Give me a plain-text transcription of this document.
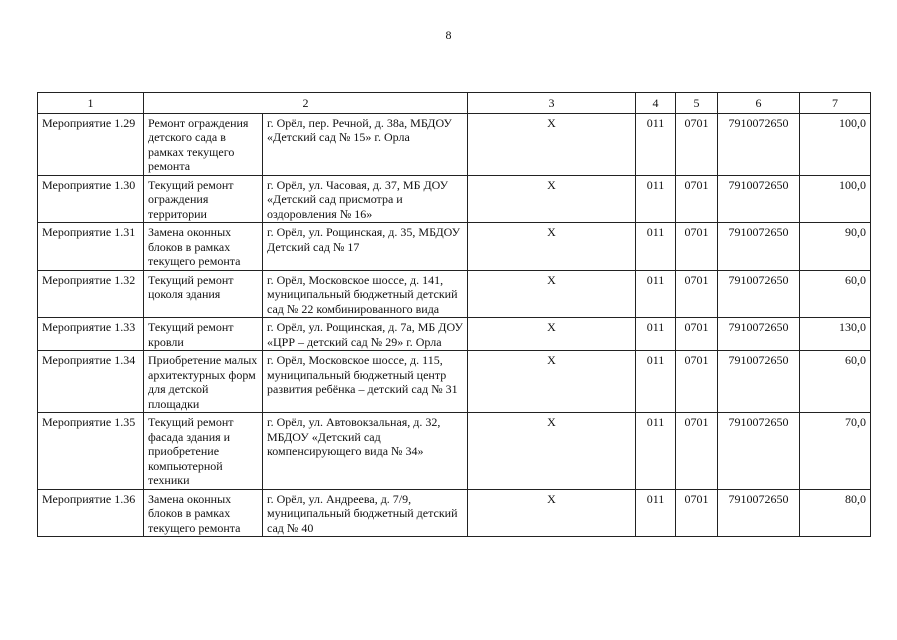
8
1	2		3	4	5	6	7
Мероприятие 1.29	Ремонт ограждения детского сада в рамках текущего ремонта	г. Орёл, пер. Речной, д. 38а, МБДОУ «Детский сад № 15» г. Орла	Х	011	0701	7910072650	100,0
Мероприятие 1.30	Текущий ремонт ограждения территории	г. Орёл, ул. Часовая, д. 37, МБ ДОУ «Детский сад присмотра и оздоровления № 16»	Х	011	0701	7910072650	100,0
Мероприятие 1.31	Замена оконных блоков в рамках текущего ремонта	г. Орёл, ул. Рощинская, д. 35, МБДОУ Детский сад № 17	Х	011	0701	7910072650	90,0
Мероприятие 1.32	Текущий ремонт цоколя здания	г. Орёл, Московское шоссе, д. 141, муниципальный бюджетный детский сад № 22 комбинированного вида	Х	011	0701	7910072650	60,0
Мероприятие 1.33	Текущий ремонт кровли	г. Орёл, ул. Рощинская, д. 7а, МБ ДОУ «ЦРР – детский сад № 29» г. Орла	Х	011	0701	7910072650	130,0
Мероприятие 1.34	Приобретение малых архитектурных форм для детской площадки	г. Орёл, Московское шоссе, д. 115, муниципальный бюджетный центр развития ребёнка – детский сад № 31	Х	011	0701	7910072650	60,0
Мероприятие 1.35	Текущий ремонт фасада здания и приобретение компьютерной техники	г. Орёл, ул. Автовокзальная, д. 32, МБДОУ «Детский сад компенсирующего вида № 34»	Х	011	0701	7910072650	70,0
Мероприятие 1.36	Замена оконных блоков в рамках текущего ремонта	г. Орёл, ул. Андреева, д. 7/9, муниципальный бюджетный детский сад № 40	Х	011	0701	7910072650	80,0
